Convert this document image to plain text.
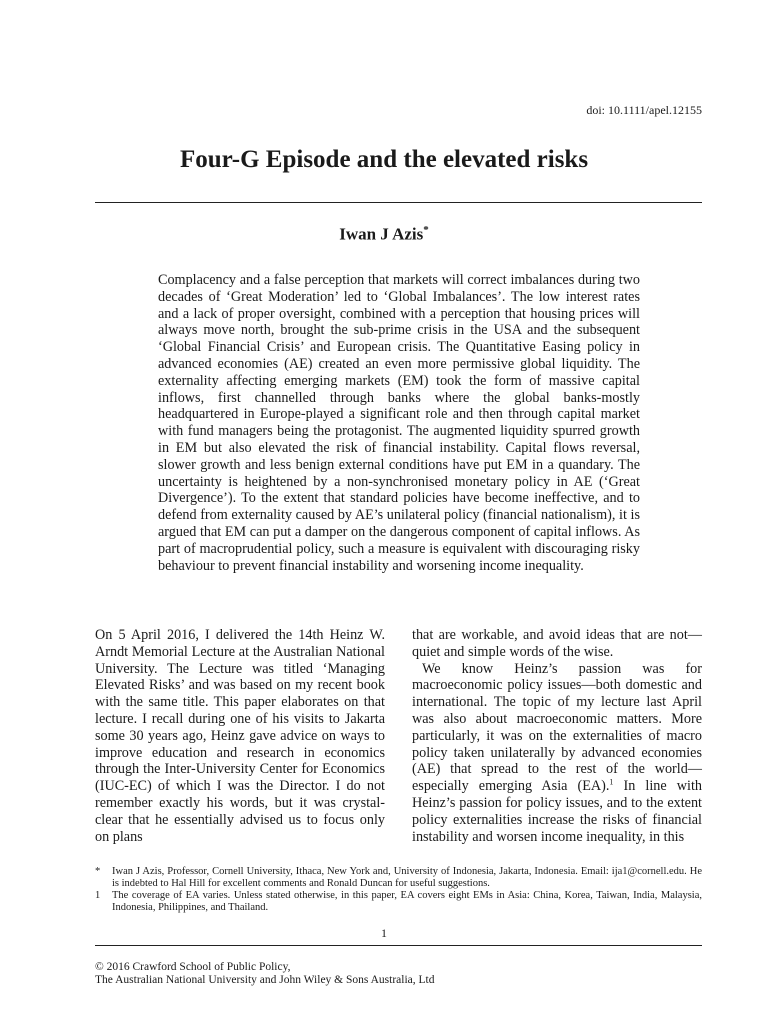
doi: 10.1111/apel.12155
Four-G Episode and the elevated risks
Iwan J Azis*

Complacency and a false perception that markets will correct imbalances during two decades of ‘Great Moderation’ led to ‘Global Imbalances’. The low interest rates and a lack of proper oversight, combined with a perception that housing prices will always move north, brought the sub-prime crisis in the USA and the subsequent ‘Global Financial Crisis’ and European crisis. The Quantitative Easing policy in advanced economies (AE) created an even more permissive global liquidity. The externality affecting emerging markets (EM) took the form of massive capital inflows, first channelled through banks where the global banks-mostly headquartered in Europe-played a significant role and then through capital market with fund managers being the protagonist. The augmented liquidity spurred growth in EM but also elevated the risk of financial instability. Capital flows reversal, slower growth and less benign external conditions have put EM in a quandary. The uncertainty is heightened by a non-synchronised monetary policy in AE (‘Great Divergence’). To the extent that standard policies have become ineffective, and to defend from externality caused by AE’s unilateral policy (financial nationalism), it is argued that EM can put a damper on the dangerous component of capital inflows. As part of macroprudential policy, such a measure is equivalent with discouraging risky behaviour to prevent financial instability and worsening income inequality.

On 5 April 2016, I delivered the 14th Heinz W. Arndt Memorial Lecture at the Australian National University. The Lecture was titled ‘Managing Elevated Risks’ and was based on my recent book with the same title. This paper elaborates on that lecture. I recall during one of his visits to Jakarta some 30 years ago, Heinz gave advice on ways to improve education and research in economics through the Inter-University Center for Economics (IUC-EC) of which I was the Director. I do not remember exactly his words, but it was crystal-clear that he essentially advised us to focus only on plans

that are workable, and avoid ideas that are not—quiet and simple words of the wise.

We know Heinz’s passion was for macroeconomic policy issues—both domestic and international. The topic of my lecture last April was also about macroeconomic matters. More particularly, it was on the externalities of macro policy taken unilaterally by advanced economies (AE) that spread to the rest of the world—especially emerging Asia (EA).$^1$ In line with Heinz’s passion for policy issues, and to the extent policy externalities increase the risks of financial instability and worsen income inequality, in this

*	Iwan J Azis, Professor, Cornell University, Ithaca, New York and, University of Indonesia, Jakarta, Indonesia. Email: ija1@cornell.edu. He is indebted to Hal Hill for excellent comments and Ronald Duncan for useful suggestions.
1	The coverage of EA varies. Unless stated otherwise, in this paper, EA covers eight EMs in Asia: China, Korea, Taiwan, India, Malaysia, Indonesia, Philippines, and Thailand.
1
© 2016 Crawford School of Public Policy,
The Australian National University and John Wiley & Sons Australia, Ltd
